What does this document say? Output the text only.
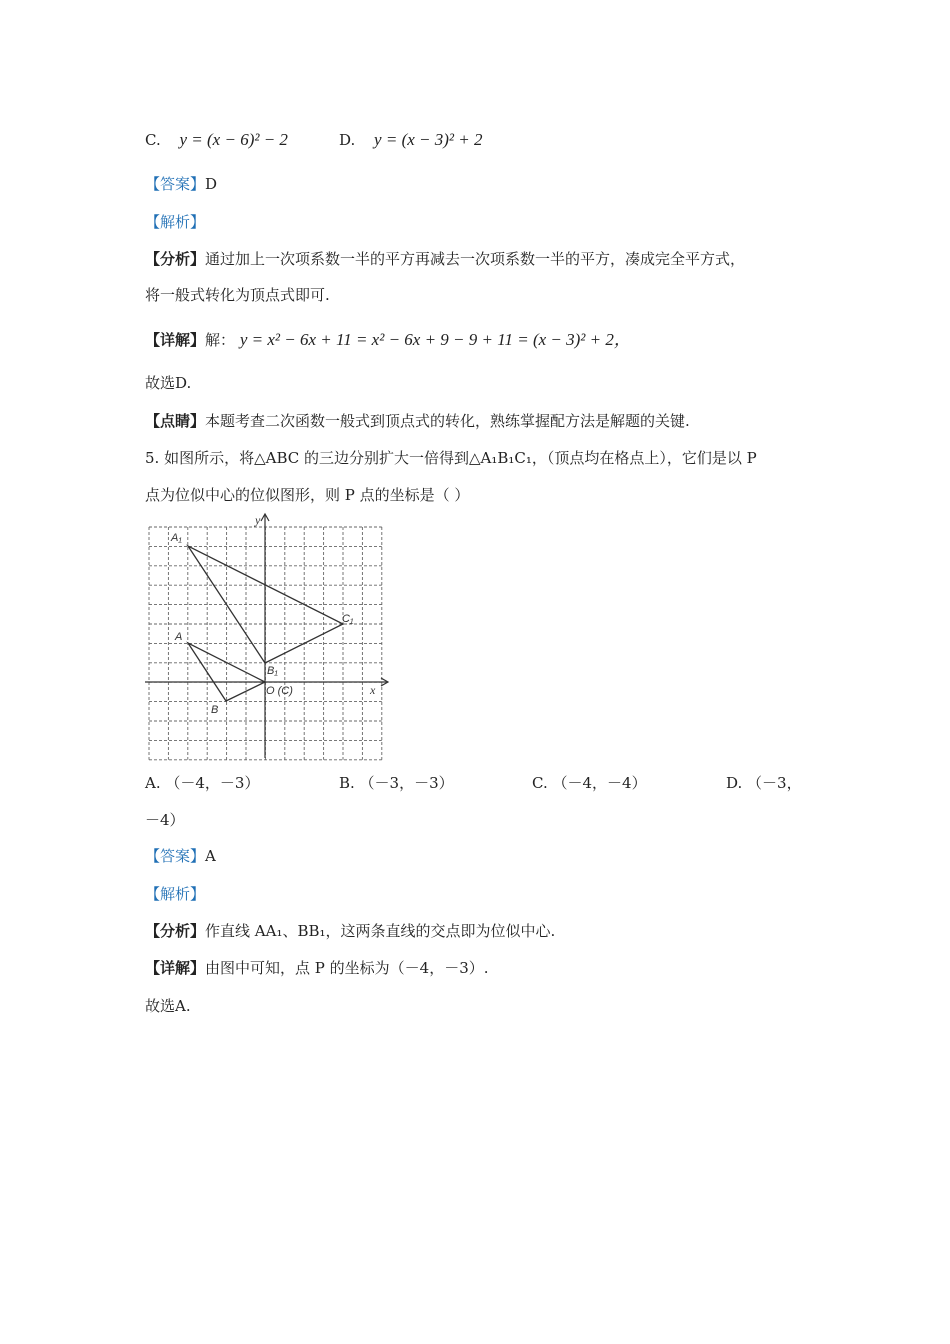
C. y = (x − 6)² − 2	D. y = (x − 3)² + 2
【答案】D
【解析】
【分析】通过加上一次项系数一半的平方再减去一次项系数一半的平方，凑成完全平方式，
将一般式转化为顶点式即可.
【详解】解： y = x² − 6x + 11 = x² − 6x + 9 − 9 + 11 = (x − 3)² + 2，
故选D.
【点睛】本题考查二次函数一般式到顶点式的转化，熟练掌握配方法是解题的关键.
5. 如图所示，将△ABC 的三边分别扩大一倍得到△A₁B₁C₁，（顶点均在格点上），它们是以 P
点为位似中心的位似图形，则 P 点的坐标是（ ）
y
x
A₁
A
B
B₁
C₁
O (C)
A. （－4，－3）	B. （－3，－3）	C. （－4，－4）	D. （－3，
－4）
【答案】A
【解析】
【分析】作直线 AA₁、BB₁，这两条直线的交点即为位似中心.
【详解】由图中可知，点 P 的坐标为（－4，－3）.
故选A.
